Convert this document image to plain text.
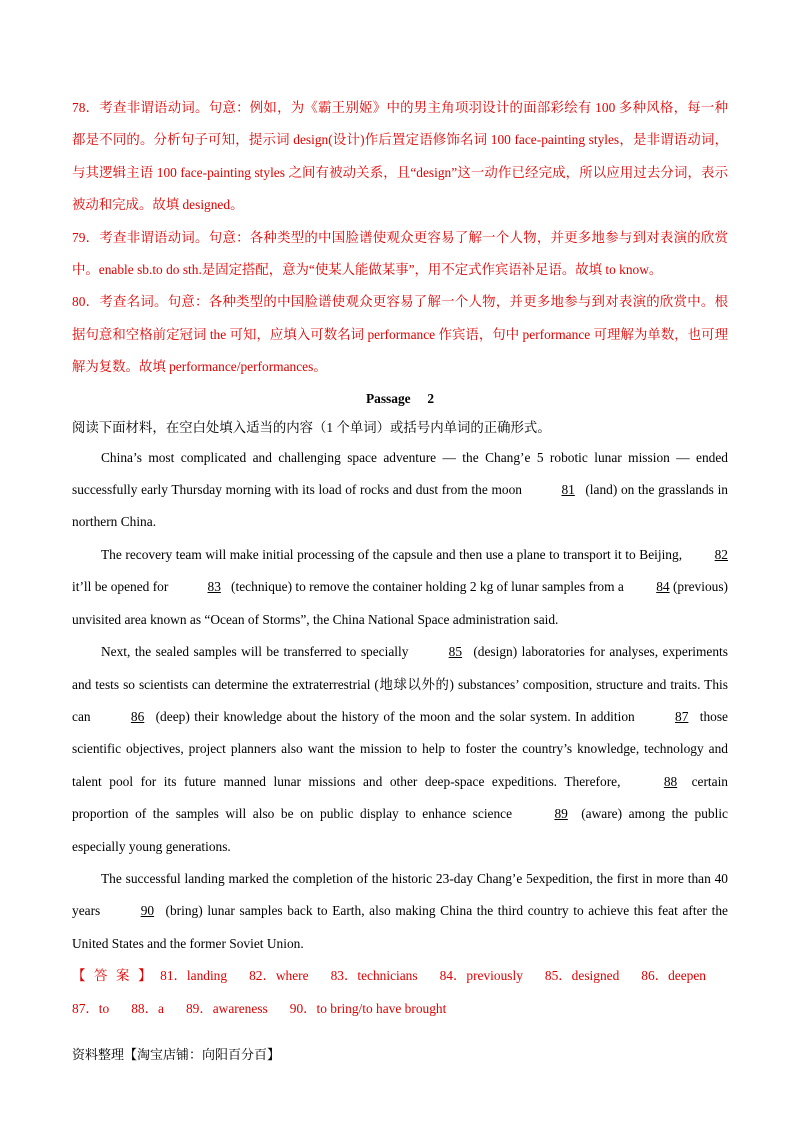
78．考查非谓语动词。句意：例如，为《霸王别姬》中的男主角项羽设计的面部彩绘有 100 多种风格，每一种都是不同的。分析句子可知，提示词 design(设计)作后置定语修饰名词 100 face-painting styles，是非谓语动词，与其逻辑主语 100 face-painting styles 之间有被动关系，且“design”这一动作已经完成，所以应用过去分词，表示被动和完成。故填 designed。

79．考查非谓语动词。句意：各种类型的中国脸谱使观众更容易了解一个人物，并更多地参与到对表演的欣赏中。enable sb.to do sth.是固定搭配，意为“使某人能做某事”，用不定式作宾语补足语。故填 to know。

80．考查名词。句意：各种类型的中国脸谱使观众更容易了解一个人物，并更多地参与到对表演的欣赏中。根据句意和空格前定冠词 the 可知，应填入可数名词 performance 作宾语，句中 performance 可理解为单数，也可理解为复数。故填 performance/performances。

Passage　 2

阅读下面材料，在空白处填入适当的内容（1 个单词）或括号内单词的正确形式。

China’s most complicated and challenging space adventure — the Chang’e 5 robotic lunar mission — ended successfully early Thursday morning with its load of rocks and dust from the moon	81 (land) on the grasslands in northern China.

The recovery team will make initial processing of the capsule and then use a plane to transport it to Beijing, 82 it’ll be opened for	83 (technique) to remove the container holding 2 kg of lunar samples from a 84 (previous) unvisited area known as “Ocean of Storms”, the China National Space administration said.

Next, the sealed samples will be transferred to specially	85 (design) laboratories for analyses, experiments and tests so scientists can determine the extraterrestrial (地球以外的) substances’ composition, structure and traits. This can	86 (deep) their knowledge about the history of the moon and the solar system. In addition	87 those scientific objectives, project planners also want the mission to help to foster the country’s knowledge, technology and talent pool for its future manned lunar missions and other deep-space expeditions. Therefore,	88 certain proportion of the samples will also be on public display to enhance science	89 (aware) among the public especially young generations.

The successful landing marked the completion of the historic 23-day Chang’e 5expedition, the first in more than 40 years	90 (bring) lunar samples back to Earth, also making China the third country to achieve this feat after the United States and the former Soviet Union.

【答案】81．landing 82．where 83．technicians 84．previously 85．designed 86．deepen87．to 88．a 89．awareness 90．to bring/to have brought

资料整理【淘宝店铺：向阳百分百】
